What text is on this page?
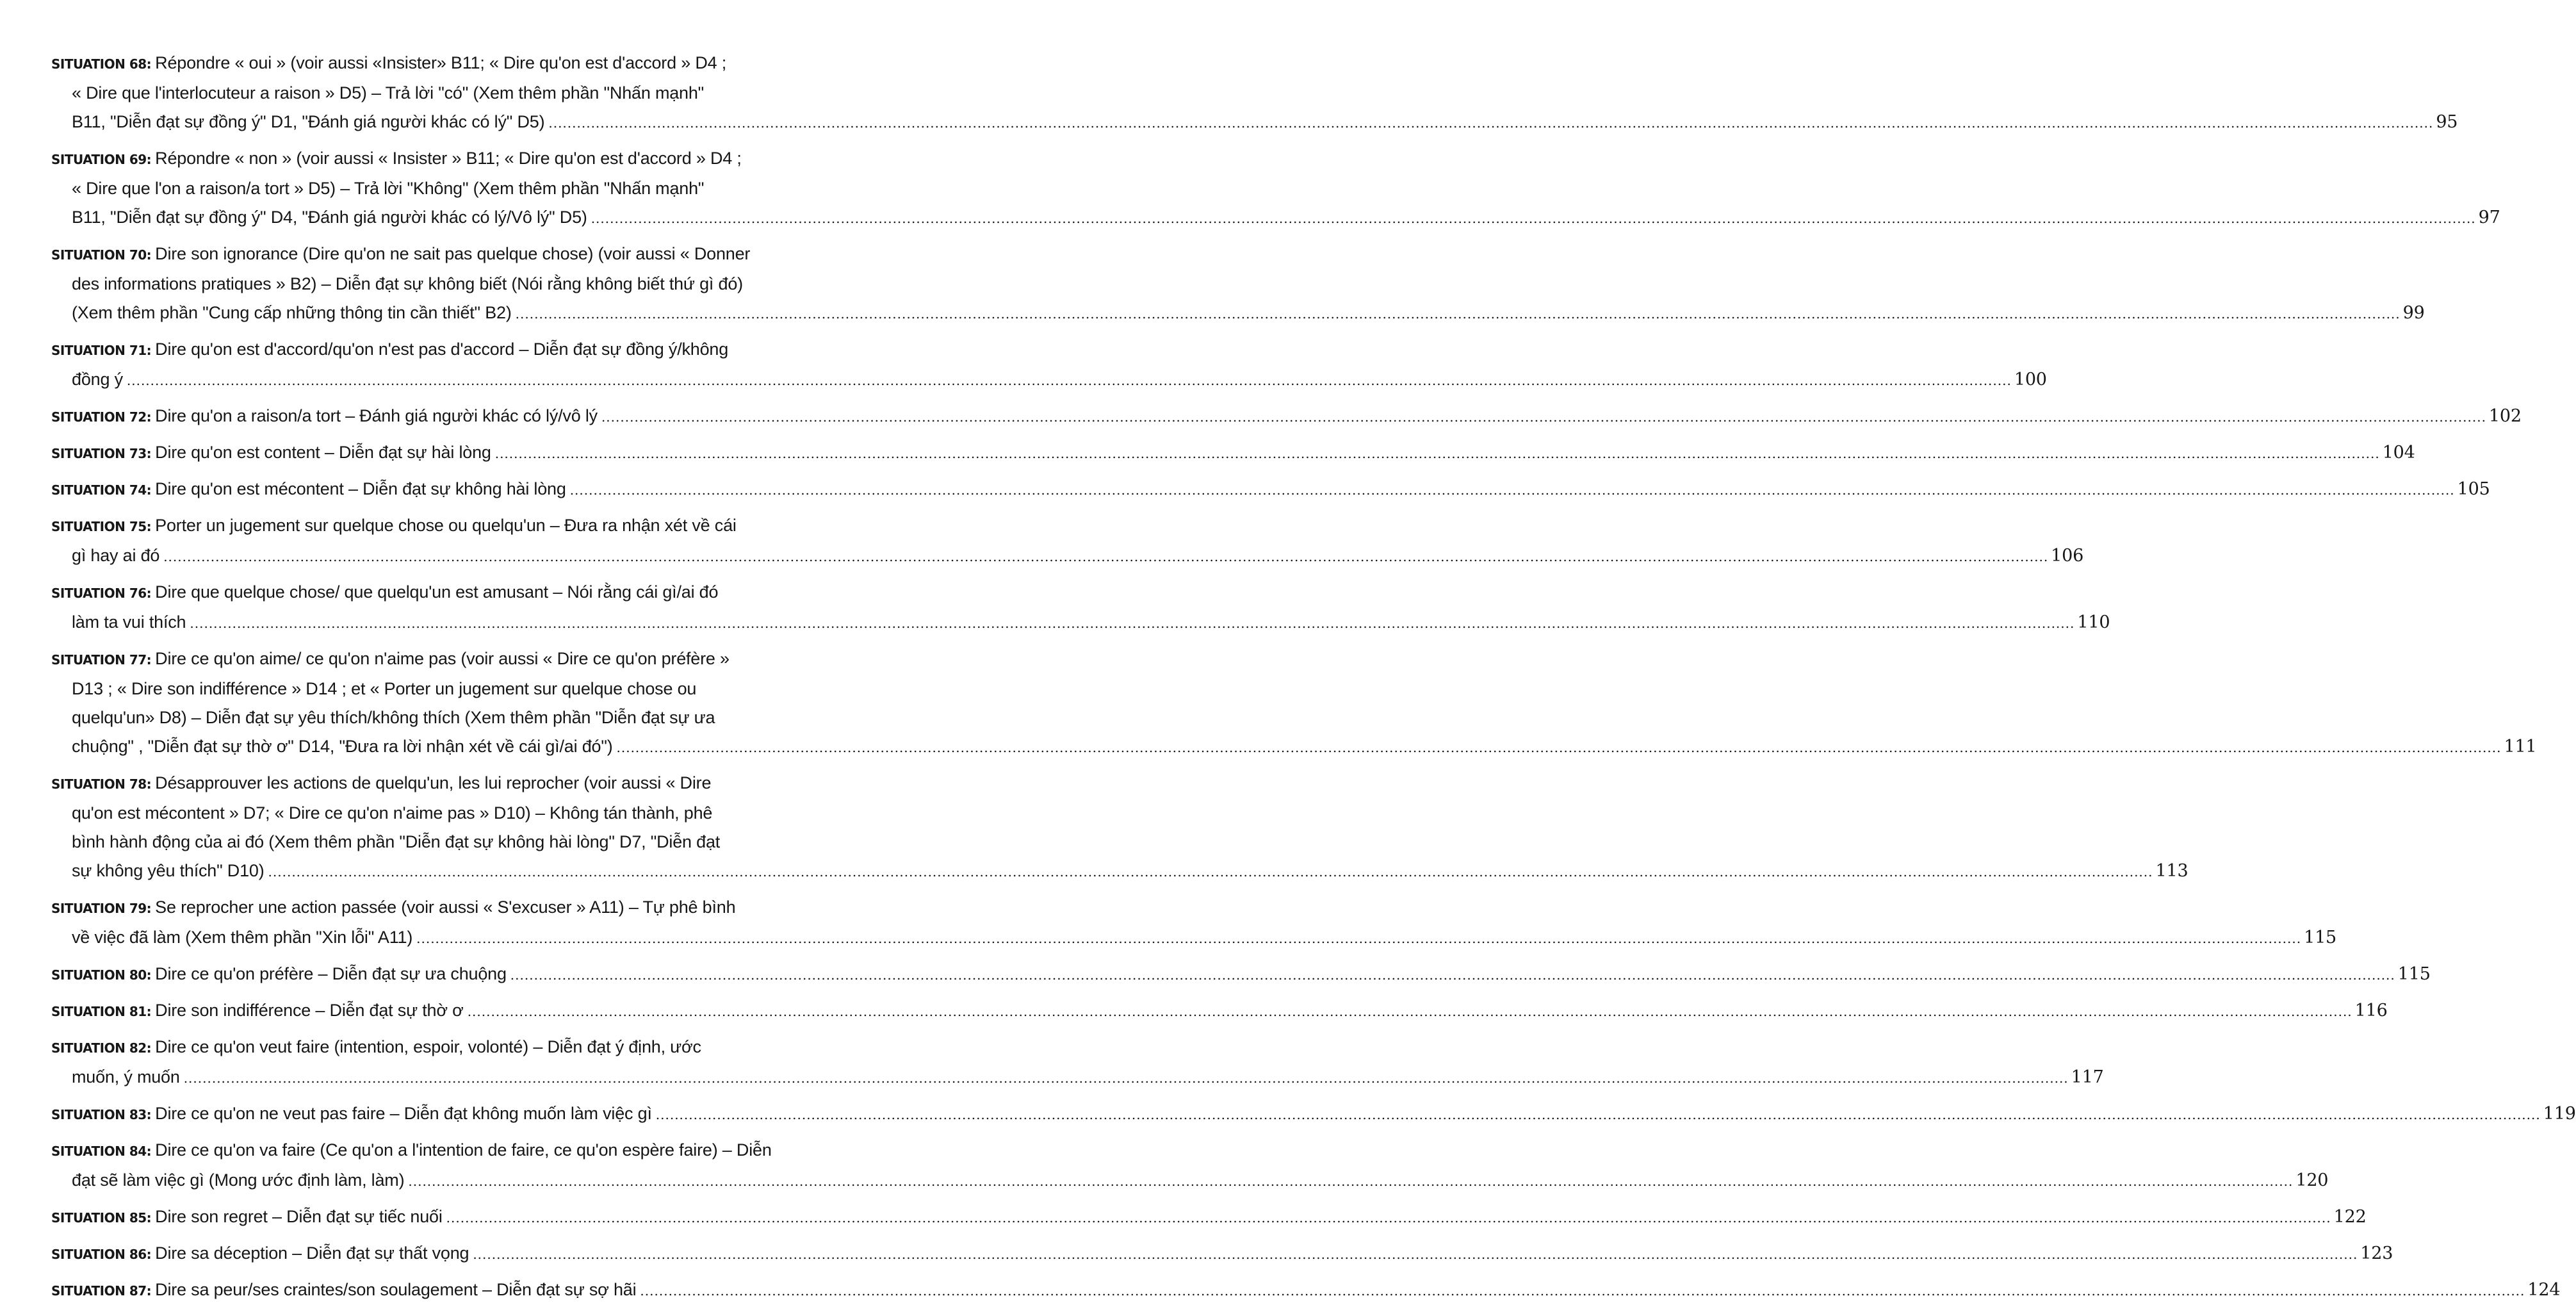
SITUATION 68: Répondre « oui » (voir aussi «Insister» B11; « Dire qu'on est d'accord » D4 ;
« Dire que l'interlocuteur a raison » D5) – Trả lời "có" (Xem thêm phần "Nhấn mạnh"
B11, "Diễn đạt sự đồng ý" D1, "Đánh giá người khác có lý" D5) ................................................................................................................................................................................................................................................................................................................................................................................................................ 95
SITUATION 69: Répondre « non » (voir aussi « Insister » B11; « Dire qu'on est d'accord » D4 ;
« Dire que l'on a raison/a tort » D5) – Trả lời "Không" (Xem thêm phần "Nhấn mạnh"
B11, "Diễn đạt sự đồng ý" D4, "Đánh giá người khác có lý/Vô lý" D5) ................................................................................................................................................................................................................................................................................................................................................................................................................ 97
SITUATION 70: Dire son ignorance (Dire qu'on ne sait pas quelque chose) (voir aussi « Donner
des informations pratiques » B2) – Diễn đạt sự không biết (Nói rằng không biết thứ gì đó)
(Xem thêm phần "Cung cấp những thông tin cần thiết" B2) ................................................................................................................................................................................................................................................................................................................................................................................................................ 99
SITUATION 71: Dire qu'on est d'accord/qu'on n'est pas d'accord – Diễn đạt sự đồng ý/không
đồng ý ................................................................................................................................................................................................................................................................................................................................................................................................................ 100
SITUATION 72: Dire qu'on a raison/a tort – Đánh giá người khác có lý/vô lý ................................................................................................................................................................................................................................................................................................................................................................................................................ 102
SITUATION 73: Dire qu'on est content – Diễn đạt sự hài lòng ................................................................................................................................................................................................................................................................................................................................................................................................................ 104
SITUATION 74: Dire qu'on est mécontent – Diễn đạt sự không hài lòng ................................................................................................................................................................................................................................................................................................................................................................................................................ 105
SITUATION 75: Porter un jugement sur quelque chose ou quelqu'un – Đưa ra nhận xét về cái
gì hay ai đó ................................................................................................................................................................................................................................................................................................................................................................................................................ 106
SITUATION 76: Dire que quelque chose/ que quelqu'un est amusant – Nói rằng cái gì/ai đó
làm ta vui thích ................................................................................................................................................................................................................................................................................................................................................................................................................ 110
SITUATION 77: Dire ce qu'on aime/ ce qu'on n'aime pas (voir aussi « Dire ce qu'on préfère »
D13 ; « Dire son indifférence » D14 ; et « Porter un jugement sur quelque chose ou
quelqu'un» D8) – Diễn đạt sự yêu thích/không thích (Xem thêm phần "Diễn đạt sự ưa
chuộng" , "Diễn đạt sự thờ ơ" D14, "Đưa ra lời nhận xét về cái gì/ai đó") ................................................................................................................................................................................................................................................................................................................................................................................................................ 111
SITUATION 78: Désapprouver les actions de quelqu'un, les lui reprocher (voir aussi « Dire
qu'on est mécontent » D7; « Dire ce qu'on n'aime pas » D10) – Không tán thành, phê
bình hành động của ai đó (Xem thêm phần "Diễn đạt sự không hài lòng" D7, "Diễn đạt
sự không yêu thích" D10) ................................................................................................................................................................................................................................................................................................................................................................................................................ 113
SITUATION 79: Se reprocher une action passée (voir aussi « S'excuser » A11) – Tự phê bình
về việc đã làm (Xem thêm phần "Xin lỗi" A11) ................................................................................................................................................................................................................................................................................................................................................................................................................ 115
SITUATION 80: Dire ce qu'on préfère – Diễn đạt sự ưa chuộng ................................................................................................................................................................................................................................................................................................................................................................................................................ 115
SITUATION 81: Dire son indifférence – Diễn đạt sự thờ ơ ................................................................................................................................................................................................................................................................................................................................................................................................................ 116
SITUATION 82: Dire ce qu'on veut faire (intention, espoir, volonté) – Diễn đạt ý định, ước
muốn, ý muốn ................................................................................................................................................................................................................................................................................................................................................................................................................ 117
SITUATION 83: Dire ce qu'on ne veut pas faire – Diễn đạt không muốn làm việc gì ................................................................................................................................................................................................................................................................................................................................................................................................................ 119
SITUATION 84: Dire ce qu'on va faire (Ce qu'on a l'intention de faire, ce qu'on espère faire) – Diễn
đạt sẽ làm việc gì (Mong ước định làm, làm) ................................................................................................................................................................................................................................................................................................................................................................................................................ 120
SITUATION 85: Dire son regret – Diễn đạt sự tiếc nuối ................................................................................................................................................................................................................................................................................................................................................................................................................ 122
SITUATION 86: Dire sa déception – Diễn đạt sự thất vọng ................................................................................................................................................................................................................................................................................................................................................................................................................ 123
SITUATION 87: Dire sa peur/ses craintes/son soulagement – Diễn đạt sự sợ hãi ................................................................................................................................................................................................................................................................................................................................................................................................................ 124
